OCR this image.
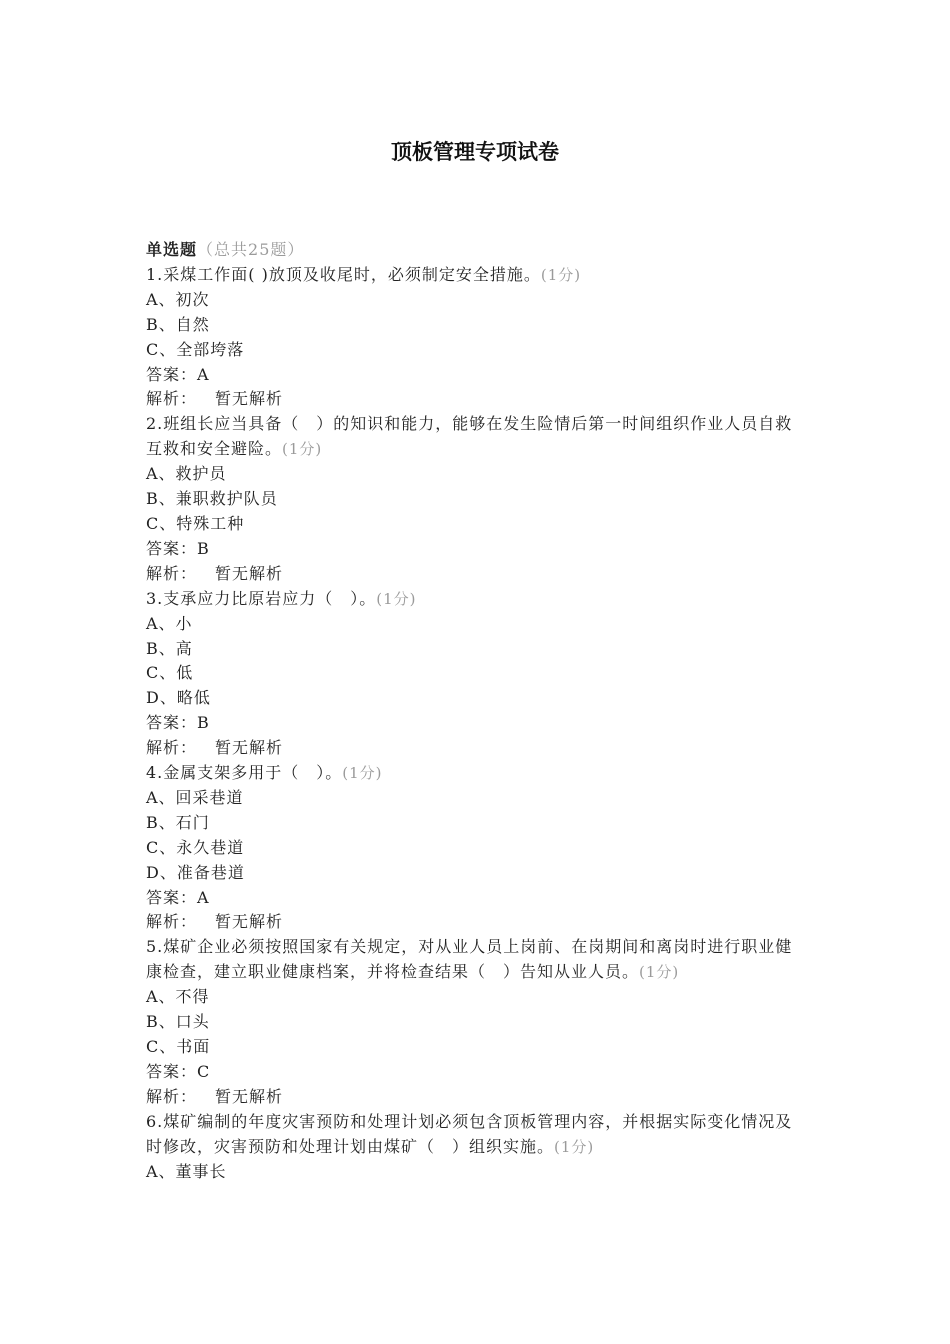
顶板管理专项试卷

单选题（总共25题）

1.采煤工作面( )放顶及收尾时，必须制定安全措施。(1分)

A、初次

B、自然

C、全部垮落

答案：A

解析： 暂无解析

2.班组长应当具备（　）的知识和能力，能够在发生险情后第一时间组织作业人员自救互救和安全避险。(1分)

A、救护员

B、兼职救护队员

C、特殊工种

答案：B

解析： 暂无解析

3.支承应力比原岩应力（　）。(1分)

A、小

B、高

C、低

D、略低

答案：B

解析： 暂无解析

4.金属支架多用于（　）。(1分)

A、回采巷道

B、石门

C、永久巷道

D、准备巷道

答案：A

解析： 暂无解析

5.煤矿企业必须按照国家有关规定，对从业人员上岗前、在岗期间和离岗时进行职业健康检查，建立职业健康档案，并将检查结果（　）告知从业人员。(1分)

A、不得

B、口头

C、书面

答案：C

解析： 暂无解析

6.煤矿编制的年度灾害预防和处理计划必须包含顶板管理内容，并根据实际变化情况及时修改，灾害预防和处理计划由煤矿（　）组织实施。(1分)

A、董事长
